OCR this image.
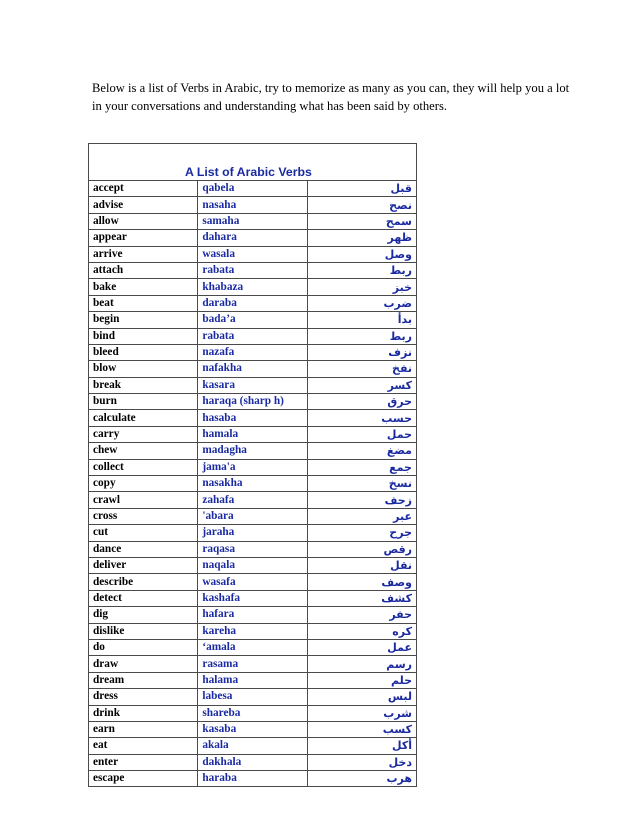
Below is a list of Verbs in Arabic, try to memorize as many as you can, they will help you a lot in your conversations and understanding what has been said by others.

A List of Arabic Verbs		
accept	qabela	قبل
advise	nasaha	نصح
allow	samaha	سمح
appear	dahara	ظهر
arrive	wasala	وصل
attach	rabata	ربط
bake	khabaza	خبز
beat	daraba	ضرب
begin	bada’a	بدأ
bind	rabata	ربط
bleed	nazafa	نزف
blow	nafakha	نفخ
break	kasara	كسر
burn	haraqa (sharp h)	حرق
calculate	hasaba	حسب
carry	hamala	حمل
chew	madagha	مضغ
collect	jama'a	جمع
copy	nasakha	نسخ
crawl	zahafa	زحف
cross	'abara	عبر
cut	jaraha	جرح
dance	raqasa	رقص
deliver	naqala	نقل
describe	wasafa	وصف
detect	kashafa	كشف
dig	hafara	حفر
dislike	kareha	كره
do	‘amala	عمل
draw	rasama	رسم
dream	halama	حلم
dress	labesa	لبس
drink	shareba	شرب
earn	kasaba	كسب
eat	akala	أكل
enter	dakhala	دخل
escape	haraba	هرب
